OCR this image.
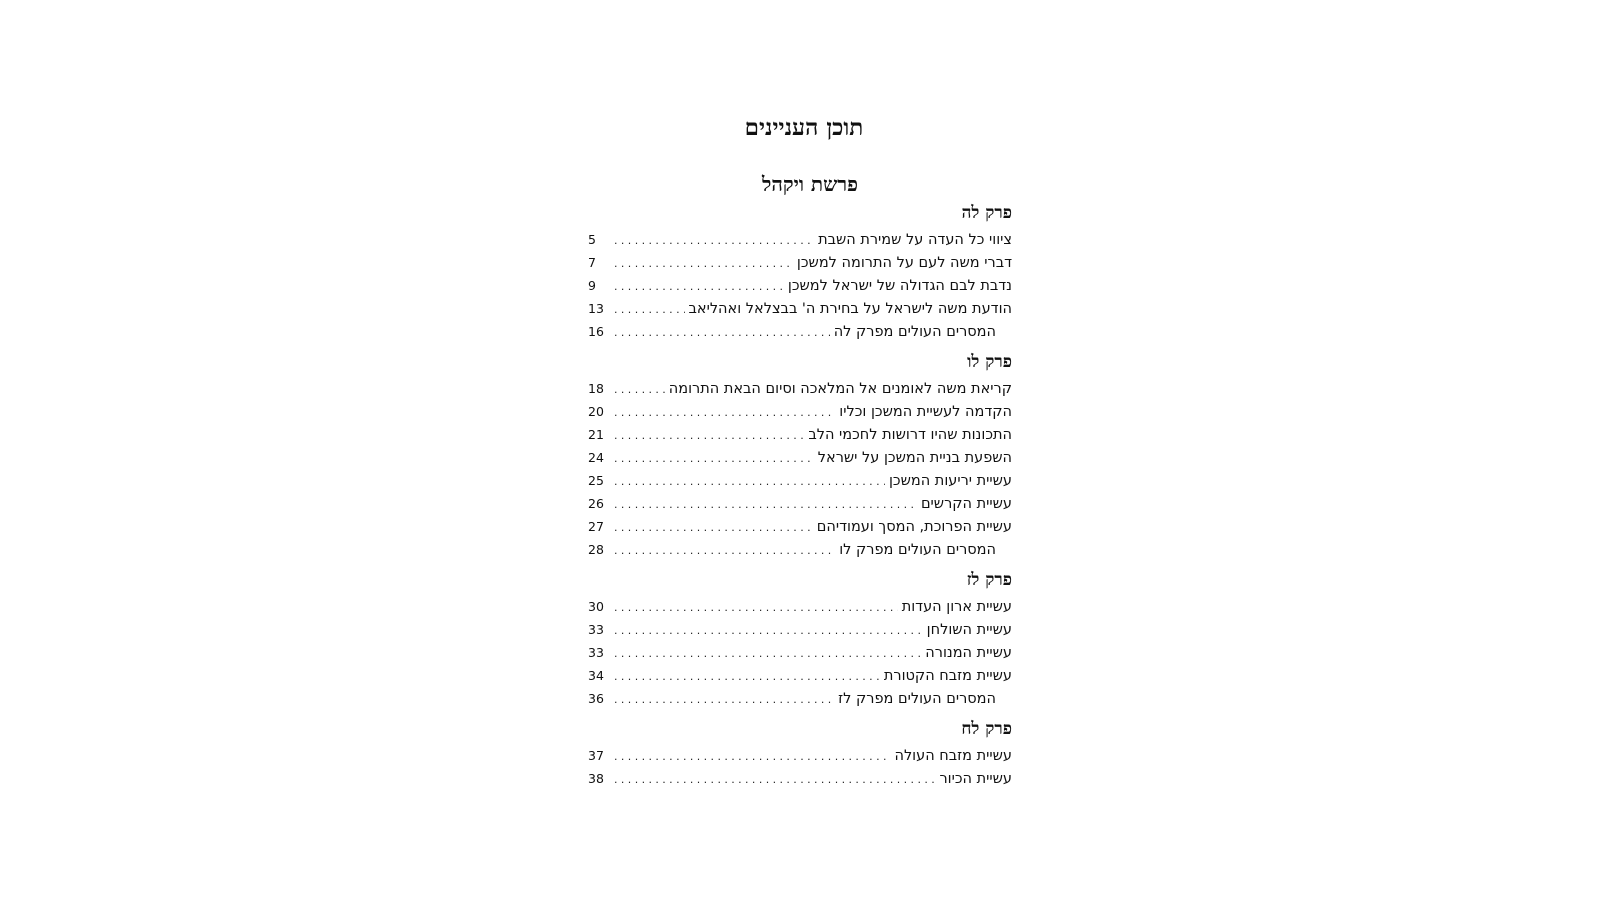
תוכן העניינים
פרשת ויקהל
פרק לה
ציווי כל העדה על שמירת השבת
.....
5
דברי משה לעם על התרומה למשכן
.....
7
נדבת לבם הגדולה של ישראל למשכן
.....
9
הודעת משה לישראל על בחירת ה' בבצלאל ואהליאב
.....
13
המסרים העולים מפרק לה
.....
16
פרק לו
קריאת משה לאומנים אל המלאכה וסיום הבאת התרומה
.....
18
הקדמה לעשיית המשכן וכליו
.....
20
התכונות שהיו דרושות לחכמי הלב
.....
21
השפעת בניית המשכן על ישראל
.....
24
עשיית יריעות המשכן
.....
25
עשיית הקרשים
.....
26
עשיית הפרוכת, המסך ועמודיהם
.....
27
המסרים העולים מפרק לו
.....
28
פרק לז
עשיית ארון העדות
.....
30
עשיית השולחן
.....
33
עשיית המנורה
.....
33
עשיית מזבח הקטורת
.....
34
המסרים העולים מפרק לז
.....
36
פרק לח
עשיית מזבח העולה
.....
37
עשיית הכיור
.....
38
